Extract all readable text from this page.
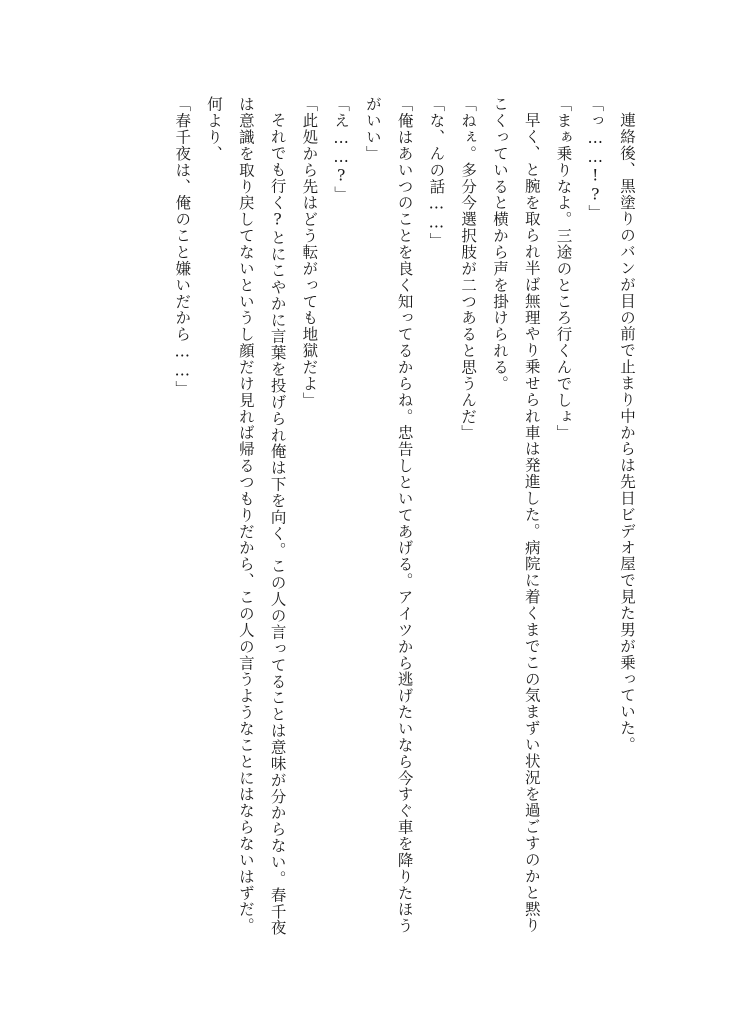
連絡後、黒塗りのバンが目の前で止まり中からは先日ビデオ屋で見た男が乗っていた。

「っ……!?」

「まぁ乗りなよ。三途のところ行くんでしょ」

早く、と腕を取られ半ば無理やり乗せられ車は発進した。病院に着くまでこの気まずい状況を過ごすのかと黙りこくっていると横から声を掛けられる。

「ねぇ。多分今選択肢が二つあると思うんだ」

「な、んの話……」

「俺はあいつのことを良く知ってるからね。忠告しといてあげる。アイツから逃げたいなら今すぐ車を降りたほうがいい」

「え……?」

「此処から先はどう転がっても地獄だよ」

それでも行く?とにこやかに言葉を投げられ俺は下を向く。この人の言ってることは意味が分からない。春千夜は意識を取り戻してないというし顔だけ見れば帰るつもりだから、この人の言うようなことにはならないはずだ。何より、

「春千夜は、俺のこと嫌いだから……」
